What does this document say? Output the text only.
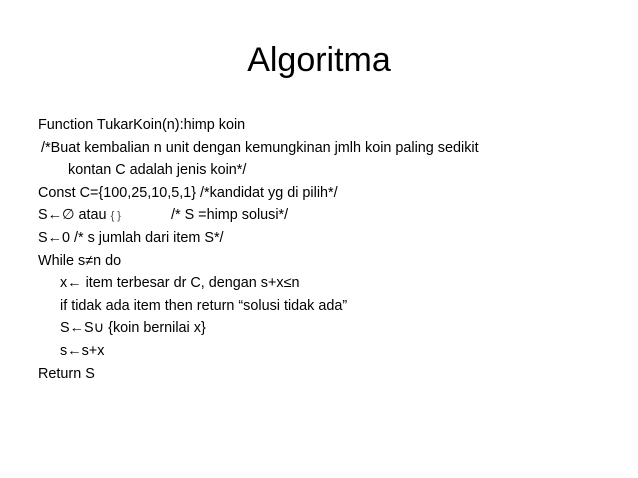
Algoritma
Function TukarKoin(n):himp koin
/*Buat kembalian n unit dengan kemungkinan jmlh koin paling sedikit
kontan C adalah jenis koin*/
Const C={100,25,10,5,1} /*kandidat yg di pilih*/
S←∅ atau { }	/* S =himp solusi*/
S←0 /* s jumlah dari item S*/
While s≠n do
x← item terbesar dr C, dengan s+x≤n
if tidak ada item then return “solusi tidak ada”
S←S∪ {koin bernilai x}
s←s+x
Return S
